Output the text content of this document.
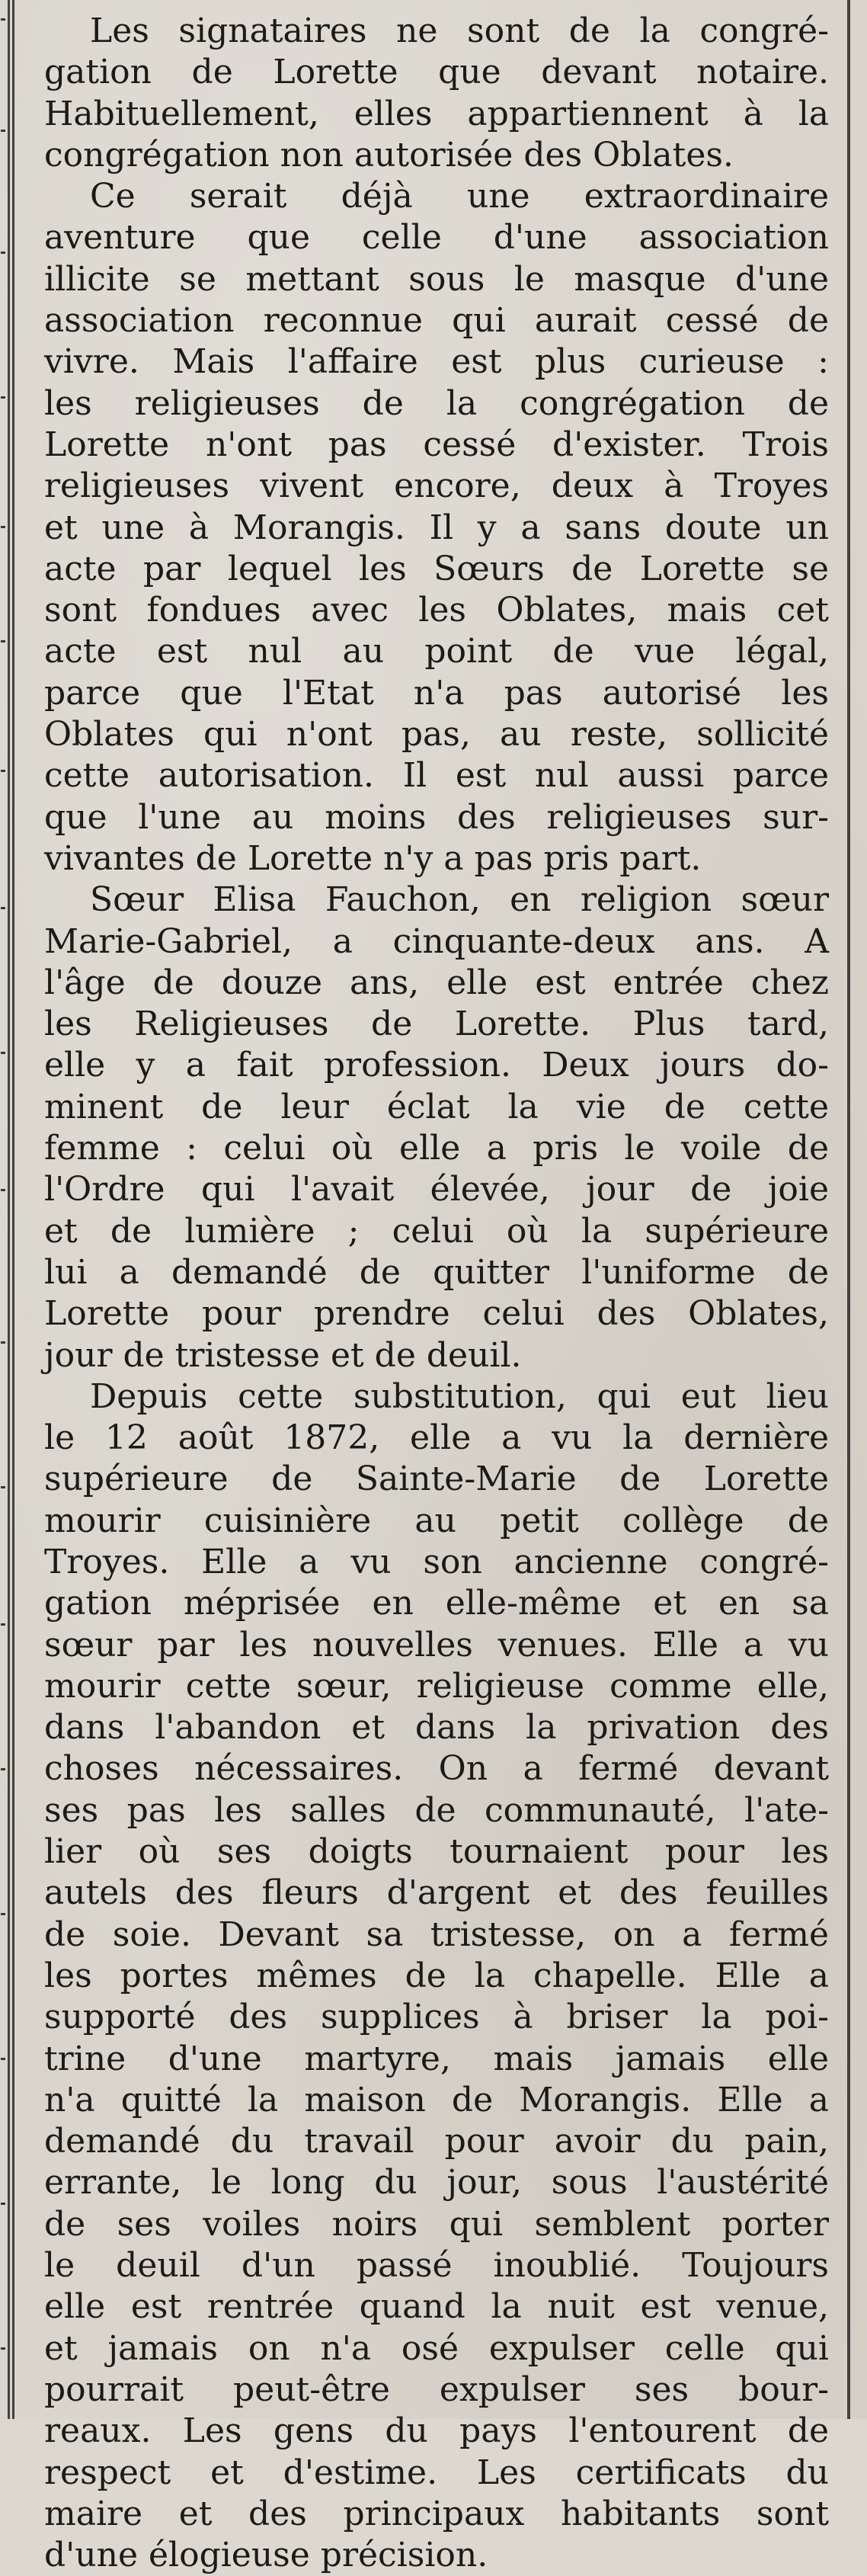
Les signataires ne sont de la congré-
gation de Lorette que devant notaire.
Habituellement, elles appartiennent à la
congrégation non autorisée des Oblates.
Ce serait déjà une extraordinaire
aventure que celle d'une association
illicite se mettant sous le masque d'une
association reconnue qui aurait cessé de
vivre. Mais l'affaire est plus curieuse :
les religieuses de la congrégation de
Lorette n'ont pas cessé d'exister. Trois
religieuses vivent encore, deux à Troyes
et une à Morangis. Il y a sans doute un
acte par lequel les Sœurs de Lorette se
sont fondues avec les Oblates, mais cet
acte est nul au point de vue légal,
parce que l'Etat n'a pas autorisé les
Oblates qui n'ont pas, au reste, sollicité
cette autorisation. Il est nul aussi parce
que l'une au moins des religieuses sur-
vivantes de Lorette n'y a pas pris part.
Sœur Elisa Fauchon, en religion sœur
Marie-Gabriel, a cinquante-deux ans. A
l'âge de douze ans, elle est entrée chez
les Religieuses de Lorette. Plus tard,
elle y a fait profession. Deux jours do-
minent de leur éclat la vie de cette
femme : celui où elle a pris le voile de
l'Ordre qui l'avait élevée, jour de joie
et de lumière ; celui où la supérieure
lui a demandé de quitter l'uniforme de
Lorette pour prendre celui des Oblates,
jour de tristesse et de deuil.
Depuis cette substitution, qui eut lieu
le 12 août 1872, elle a vu la dernière
supérieure de Sainte-Marie de Lorette
mourir cuisinière au petit collège de
Troyes. Elle a vu son ancienne congré-
gation méprisée en elle-même et en sa
sœur par les nouvelles venues. Elle a vu
mourir cette sœur, religieuse comme elle,
dans l'abandon et dans la privation des
choses nécessaires. On a fermé devant
ses pas les salles de communauté, l'ate-
lier où ses doigts tournaient pour les
autels des fleurs d'argent et des feuilles
de soie. Devant sa tristesse, on a fermé
les portes mêmes de la chapelle. Elle a
supporté des supplices à briser la poi-
trine d'une martyre, mais jamais elle
n'a quitté la maison de Morangis. Elle a
demandé du travail pour avoir du pain,
errante, le long du jour, sous l'austérité
de ses voiles noirs qui semblent porter
le deuil d'un passé inoublié. Toujours
elle est rentrée quand la nuit est venue,
et jamais on n'a osé expulser celle qui
pourrait peut-être expulser ses bour-
reaux. Les gens du pays l'entourent de
respect et d'estime. Les certificats du
maire et des principaux habitants sont
d'une élogieuse précision.
